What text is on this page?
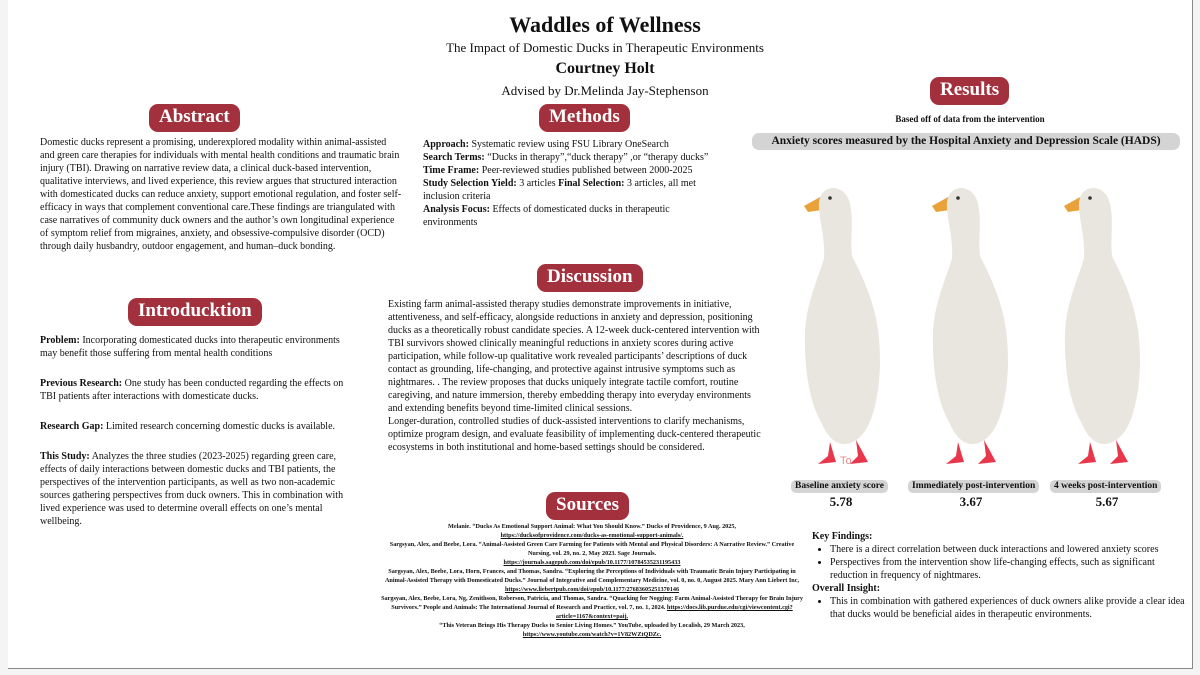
Waddles of Wellness
The Impact of Domestic Ducks in Therapeutic Environments
Courtney Holt
Advised by Dr.Melinda Jay-Stephenson
Abstract
Domestic ducks represent a promising, underexplored modality within animal-assisted and green care therapies for individuals with mental health conditions and traumatic brain injury (TBI). Drawing on narrative review data, a clinical duck-based intervention, qualitative interviews, and lived experience, this review argues that structured interaction with domesticated ducks can reduce anxiety, support emotional regulation, and foster self-efficacy in ways that complement conventional care.These findings are triangulated with case narratives of community duck owners and the author’s own longitudinal experience of symptom relief from migraines, anxiety, and obsessive-compulsive disorder (OCD) through daily husbandry, outdoor engagement, and human–duck bonding.
Introducktion
Problem: Incorporating domesticated ducks into therapeutic environments may benefit those suffering from mental health conditions
Previous Research: One study has been conducted regarding the effects on TBI patients after interactions with domesticate ducks.
Research Gap: Limited research concerning domestic ducks is available.
This Study: Analyzes the three studies (2023-2025) regarding green care, effects of daily interactions between domestic ducks and TBI patients, the perspectives of the intervention participants, as well as two non-academic sources gathering perspectives from duck owners. This in combination with lived experience was used to determine overall effects on one’s mental wellbeing.
Methods
Approach: Systematic review using FSU Library OneSearch
Search Terms: “Ducks in therapy”,“duck therapy” ,or “therapy ducks”
Time Frame: Peer-reviewed studies published between 2000-2025
Study Selection Yield: 3 articles Final Selection: 3 articles, all met inclusion criteria
Analysis Focus: Effects of domesticated ducks in therapeutic environments
Discussion
Existing farm animal-assisted therapy studies demonstrate improvements in initiative, attentiveness, and self-efficacy, alongside reductions in anxiety and depression, positioning ducks as a theoretically robust candidate species. A 12-week duck-centered intervention with TBI survivors showed clinically meaningful reductions in anxiety scores during active participation, while follow-up qualitative work revealed participants’ descriptions of duck contact as grounding, life-changing, and protective against intrusive symptoms such as nightmares. . The review proposes that ducks uniquely integrate tactile comfort, routine caregiving, and nature immersion, thereby embedding therapy into everyday environments and extending benefits beyond time-limited clinical sessions.
Longer-duration, controlled studies of duck-assisted interventions to clarify mechanisms, optimize program design, and evaluate feasibility of implementing duck-centered therapeutic ecosystems in both institutional and home-based settings should be considered.
Sources

Melanie. “Ducks As Emotional Support Animal: What You Should Know.” Ducks of Providence, 9 Aug. 2025,
https://ducksofprovidence.com/ducks-as-emotional-support-animals/.

Sargsyan, Alex, and Beebe, Lora. “Animal-Assisted Green Care Farming for Patients with Mental and Physical Disorders: A Narrative Review.” Creative Nursing, vol. 29, no. 2, May 2023. Sage Journals.
https://journals.sagepub.com/doi/epub/10.1177/10784535231195433

Sargsyan, Alex, Beebe, Lora, Horn, Frances, and Thomas, Sandra. “Exploring the Perceptions of Individuals with Traumatic Brain Injury Participating in Animal-Assisted Therapy with Domesticated Ducks.” Journal of Integrative and Complementary Medicine, vol. 0, no. 0, August 2025. Mary Ann Liebert Inc, https://www.liebertpub.com/doi/epub/10.1177/27683605251370146

Sargsyan, Alex, Beebe, Lora, Ng, Zenithson, Roberson, Patricia, and Thomas, Sandra. “Quacking for Nogging: Farm Animal-Assisted Therapy for Brain Injury Survivors.” People and Animals: The International Journal of Research and Practice, vol. 7, no. 1, 2024. https://docs.lib.purdue.edu/cgi/viewcontent.cgi?article=1167&context=paij.

“This Veteran Brings His Therapy Ducks to Senior Living Homes.” YouTube, uploaded by Localish, 29 March 2023,
https://www.youtube.com/watch?v=1V82WZtQDZc.

Results
Based off of data from the intervention
Anxiety scores measured by the Hospital Anxiety and Depression Scale (HADS)
To
Baseline anxiety score	Immediately post-intervention	4 weeks post-intervention
5.78	3.67	5.67
Key Findings:
• There is a direct correlation between duck interactions and lowered anxiety scores
• Perspectives from the intervention show life-changing effects, such as significant reduction in frequency of nightmares.
Overall Insight:
• This in combination with gathered experiences of duck owners alike provide a clear idea that ducks would be beneficial aides in therapeutic environments.
